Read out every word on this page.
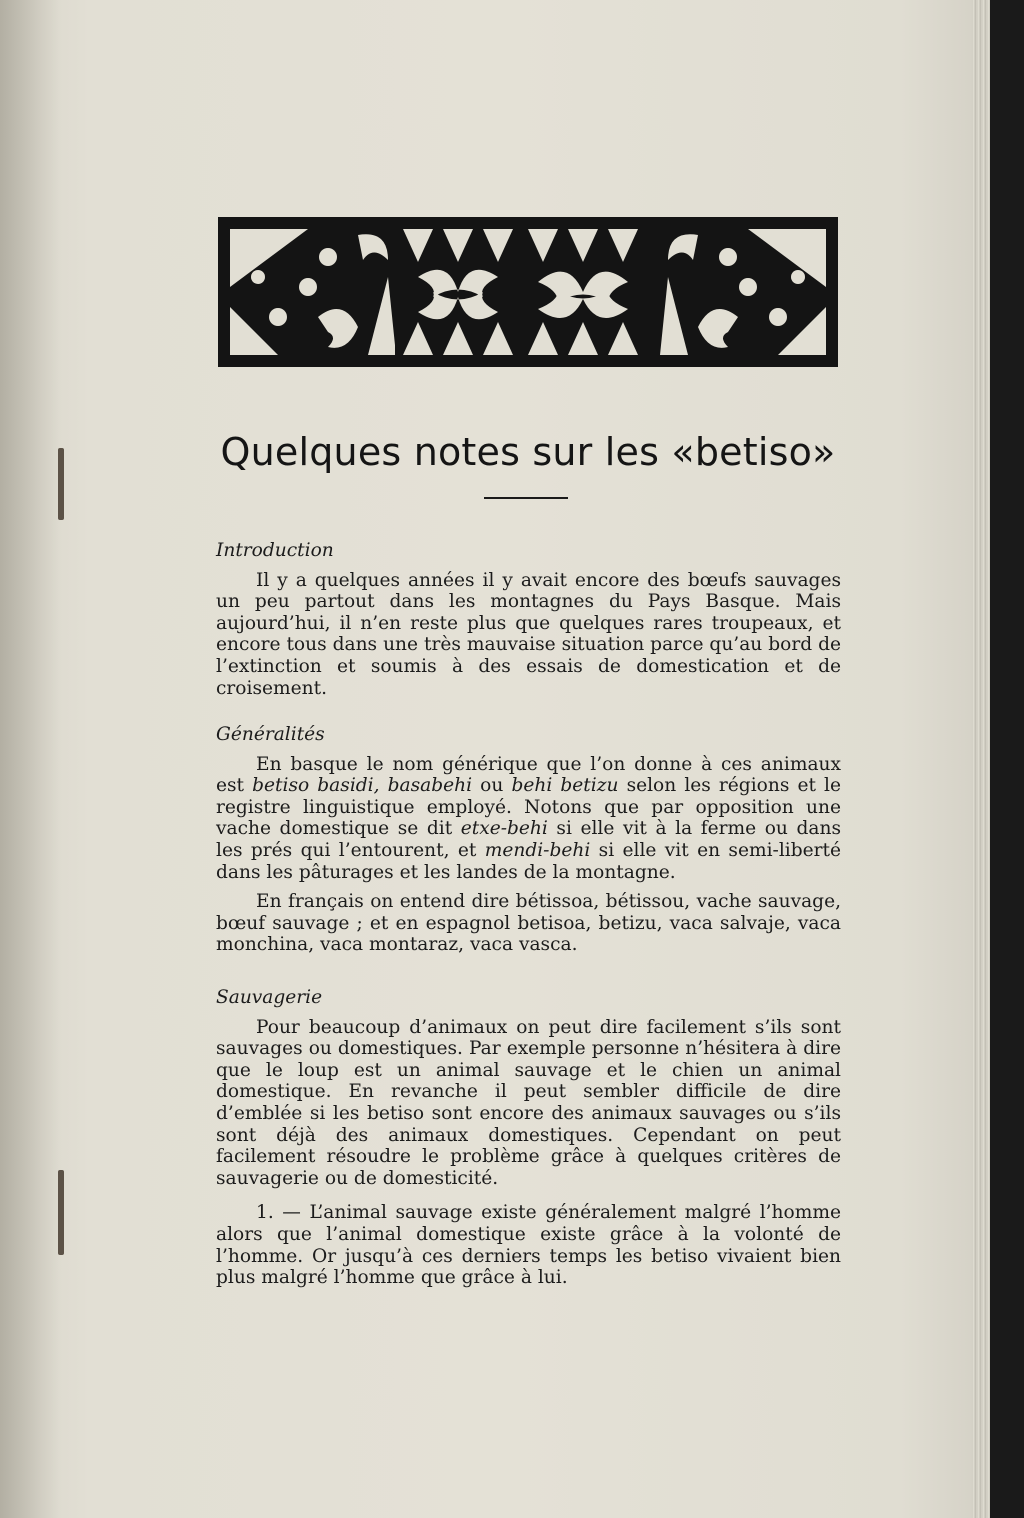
Quelques notes sur les «betiso»

Introduction

Il y a quelques années il y avait encore des bœufs sauvages un peu partout dans les montagnes du Pays Basque. Mais aujourd’hui, il n’en reste plus que quelques rares troupeaux, et encore tous dans une très mauvaise situation parce qu’au bord de l’extinction et soumis à des essais de domestication et de croisement.

Généralités

En basque le nom générique que l’on donne à ces animaux est betiso basidi, basabehi ou behi betizu selon les régions et le registre linguistique employé. Notons que par opposition une vache domestique se dit etxe-behi si elle vit à la ferme ou dans les prés qui l’entourent, et mendi-behi si elle vit en semi-liberté dans les pâturages et les landes de la montagne.

En français on entend dire bétissoa, bétissou, vache sauvage, bœuf sauvage ; et en espagnol betisoa, betizu, vaca salvaje, vaca monchina, vaca montaraz, vaca vasca.

Sauvagerie

Pour beaucoup d’animaux on peut dire facilement s’ils sont sauvages ou domestiques. Par exemple personne n’hésitera à dire que le loup est un animal sauvage et le chien un animal domestique. En revanche il peut sembler difficile de dire d’emblée si les betiso sont encore des animaux sauvages ou s’ils sont déjà des animaux domestiques. Cependant on peut facilement résoudre le problème grâce à quelques critères de sauvagerie ou de domesticité.

1. — L’animal sauvage existe généralement malgré l’homme alors que l’animal domestique existe grâce à la volonté de l’homme. Or jusqu’à ces derniers temps les betiso vivaient bien plus malgré l’homme que grâce à lui.
